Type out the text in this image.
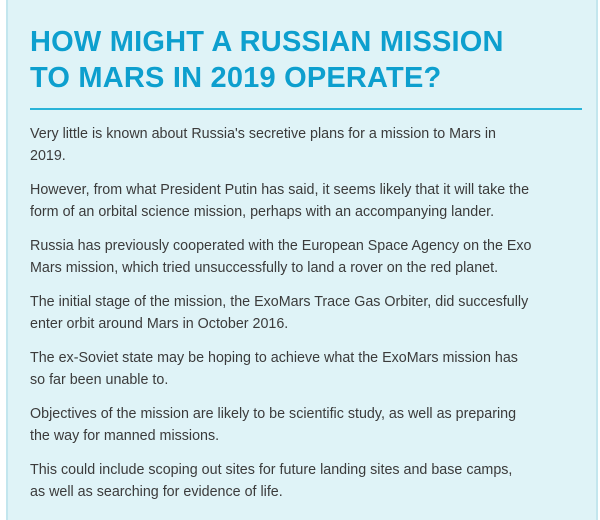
HOW MIGHT A RUSSIAN MISSION
TO MARS IN 2019 OPERATE?

Very little is known about Russia's secretive plans for a mission to Mars in
2019.

However, from what President Putin has said, it seems likely that it will take the
form of an orbital science mission, perhaps with an accompanying lander.

Russia has previously cooperated with the European Space Agency on the Exo
Mars mission, which tried unsuccessfully to land a rover on the red planet.

The initial stage of the mission, the ExoMars Trace Gas Orbiter, did succesfully
enter orbit around Mars in October 2016.

The ex-Soviet state may be hoping to achieve what the ExoMars mission has
so far been unable to.

Objectives of the mission are likely to be scientific study, as well as preparing
the way for manned missions.

This could include scoping out sites for future landing sites and base camps,
as well as searching for evidence of life.
